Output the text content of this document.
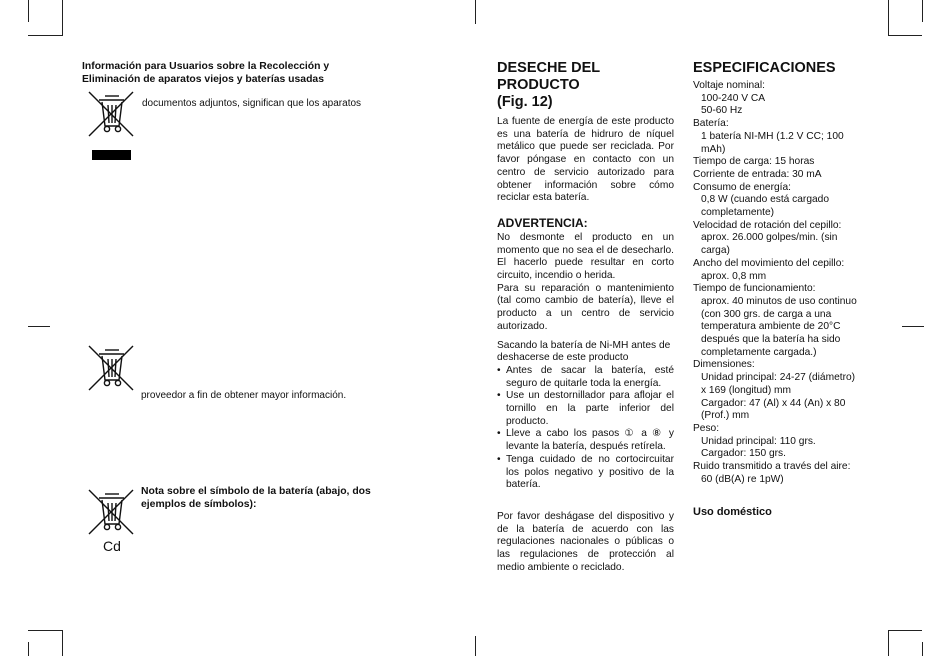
Información para Usuarios sobre la Recolección y
Eliminación de aparatos viejos y baterías usadas
documentos adjuntos, significan que los aparatos
proveedor a fin de obtener mayor información.
Cd
Nota sobre el símbolo de la batería (abajo, dos
ejemplos de símbolos):
DESECHE DEL PRODUCTO
(Fig. 12)
La fuente de energía de este producto es una batería de hidruro de níquel metálico que puede ser reciclada. Por favor póngase en contacto con un centro de servicio autorizado para obtener información sobre cómo reciclar esta batería.
ADVERTENCIA:
No desmonte el producto en un momento que no sea el de desecharlo. El hacerlo puede resultar en corto circuito, incendio o herida.
Para su reparación o mantenimiento (tal como cambio de batería), lleve el producto a un centro de servicio autorizado.
Sacando la batería de Ni-MH antes de deshacerse de este producto
• Antes de sacar la batería, esté seguro de quitarle toda la energía.
• Use un destornillador para aflojar el tornillo en la parte inferior del producto.
• Lleve a cabo los pasos ① a ⑧ y levante la batería, después retírela.
• Tenga cuidado de no cortocircuitar los polos negativo y positivo de la batería.
Por favor deshágase del dispositivo y de la batería de acuerdo con las regulaciones nacionales o públicas o las regulaciones de protección al medio ambiente o reciclado.
ESPECIFICACIONES
Voltaje nominal:
100-240 V CA
50-60 Hz
Batería:
1 batería NI-MH (1.2 V CC; 100
mAh)
Tiempo de carga: 15 horas
Corriente de entrada: 30 mA
Consumo de energía:
0,8 W (cuando está cargado
completamente)
Velocidad de rotación del cepillo:
aprox. 26.000 golpes/min. (sin
carga)
Ancho del movimiento del cepillo:
aprox. 0,8 mm
Tiempo de funcionamiento:
aprox. 40 minutos de uso continuo
(con 300 grs. de carga a una
temperatura ambiente de 20°C
después que la batería ha sido
completamente cargada.)
Dimensiones:
Unidad principal: 24-27 (diámetro)
x 169 (longitud) mm
Cargador: 47 (Al) x 44 (An) x 80
(Prof.) mm
Peso:
Unidad principal: 110 grs.
Cargador: 150 grs.
Ruido transmitido a través del aire:
60 (dB(A) re 1pW)
Uso doméstico
